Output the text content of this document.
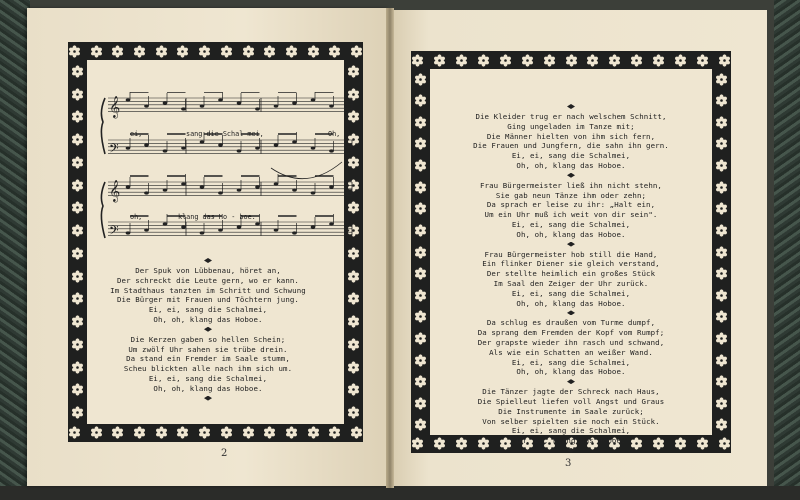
𝄞
𝄢
𝄞
𝄢
ei,	sang die Schal-mei,	Oh,
oh,	klang das Ho - boe.
Der Spuk von Lübbenau, höret an,
Der schreckt die Leute gern, wo er kann.
Im Stadthaus tanzten im Schritt und Schwung
Die Bürger mit Frauen und Töchtern jung.
Ei, ei, sang die Schalmei,
Oh, oh, klang das Hoboe.
Die Kerzen gaben so hellen Schein;
Um zwölf Uhr sahen sie trübe drein.
Da stand ein Fremder im Saale stumm,
Scheu blickten alle nach ihm sich um.
Ei, ei, sang die Schalmei,
Oh, oh, klang das Hoboe.
2
Die Kleider trug er nach welschem Schnitt,
Ging ungeladen im Tanze mit;
Die Männer hielten von ihm sich fern,
Die Frauen und Jungfern, die sahn ihn gern.
Ei, ei, sang die Schalmei,
Oh, oh, klang das Hoboe.
Frau Bürgermeister ließ ihn nicht stehn,
Sie gab neun Tänze ihm oder zehn;
Da sprach er leise zu ihr: „Halt ein,
Um ein Uhr muß ich weit von dir sein".
Ei, ei, sang die Schalmei,
Oh, oh, klang das Hoboe.
Frau Bürgermeister hob still die Hand,
Ein flinker Diener sie gleich verstand,
Der stellte heimlich ein großes Stück
Im Saal den Zeiger der Uhr zurück.
Ei, ei, sang die Schalmei,
Oh, oh, klang das Hoboe.
Da schlug es draußen vom Turme dumpf,
Da sprang dem Fremden der Kopf vom Rumpf;
Der grapste wieder ihn rasch und schwand,
Als wie ein Schatten an weißer Wand.
Ei, ei, sang die Schalmei,
Oh, oh, klang das Hoboe.
Die Tänzer jagte der Schreck nach Haus,
Die Spielleut liefen voll Angst und Graus
Die Instrumente im Saale zurück;
Von selber spielten sie noch ein Stück.
Ei, ei, sang die Schalmei,
Oh, oh, klang das Hoboe.
3
